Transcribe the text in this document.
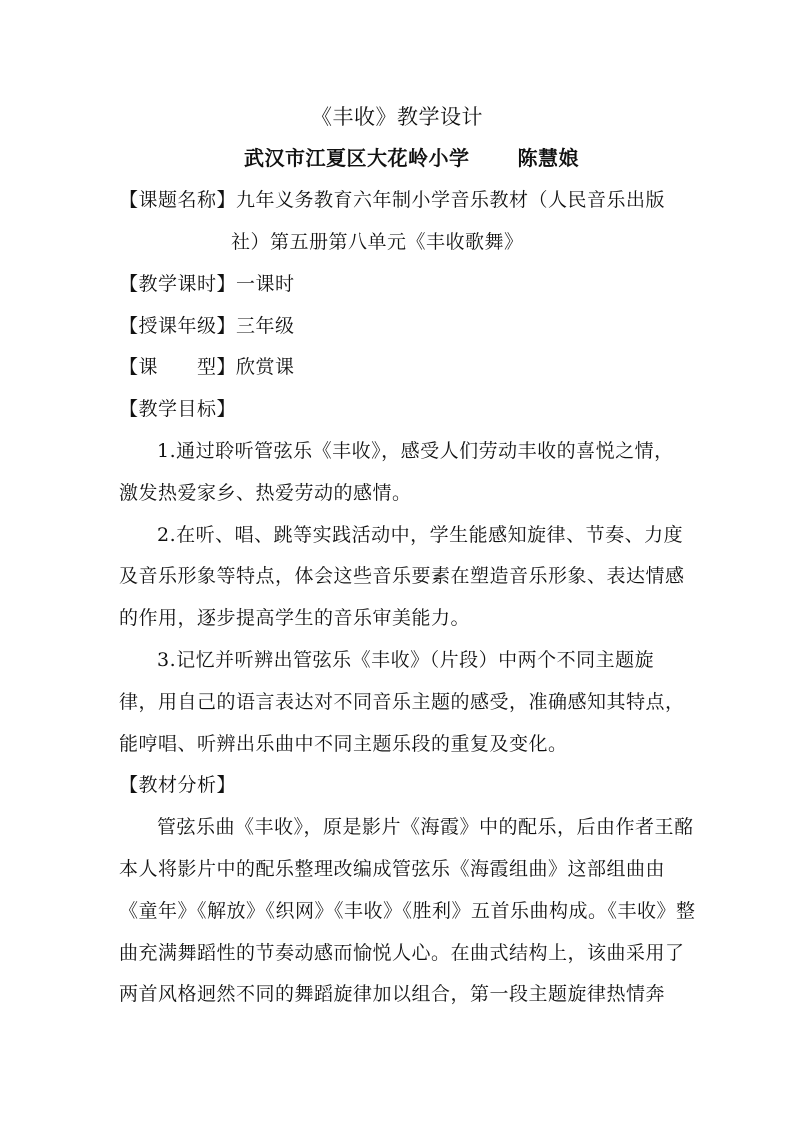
《丰收》教学设计
武汉市江夏区大花岭小学 陈慧娘
【课题名称】九年义务教育六年制小学音乐教材（人民音乐出版
社）第五册第八单元《丰收歌舞》
【教学课时】一课时
【授课年级】三年级
【课　　型】欣赏课
【教学目标】
1.通过聆听管弦乐《丰收》，感受人们劳动丰收的喜悦之情，
激发热爱家乡、热爱劳动的感情。
2.在听、唱、跳等实践活动中，学生能感知旋律、节奏、力度
及音乐形象等特点，体会这些音乐要素在塑造音乐形象、表达情感
的作用，逐步提高学生的音乐审美能力。
3.记忆并听辨出管弦乐《丰收》（片段）中两个不同主题旋
律，用自己的语言表达对不同音乐主题的感受，准确感知其特点，
能哼唱、听辨出乐曲中不同主题乐段的重复及变化。
【教材分析】
管弦乐曲《丰收》，原是影片《海霞》中的配乐，后由作者王酩
本人将影片中的配乐整理改编成管弦乐《海霞组曲》这部组曲由
《童年》《解放》《织网》《丰收》《胜利》五首乐曲构成。《丰收》整
曲充满舞蹈性的节奏动感而愉悦人心。在曲式结构上，该曲采用了
两首风格迥然不同的舞蹈旋律加以组合，第一段主题旋律热情奔
